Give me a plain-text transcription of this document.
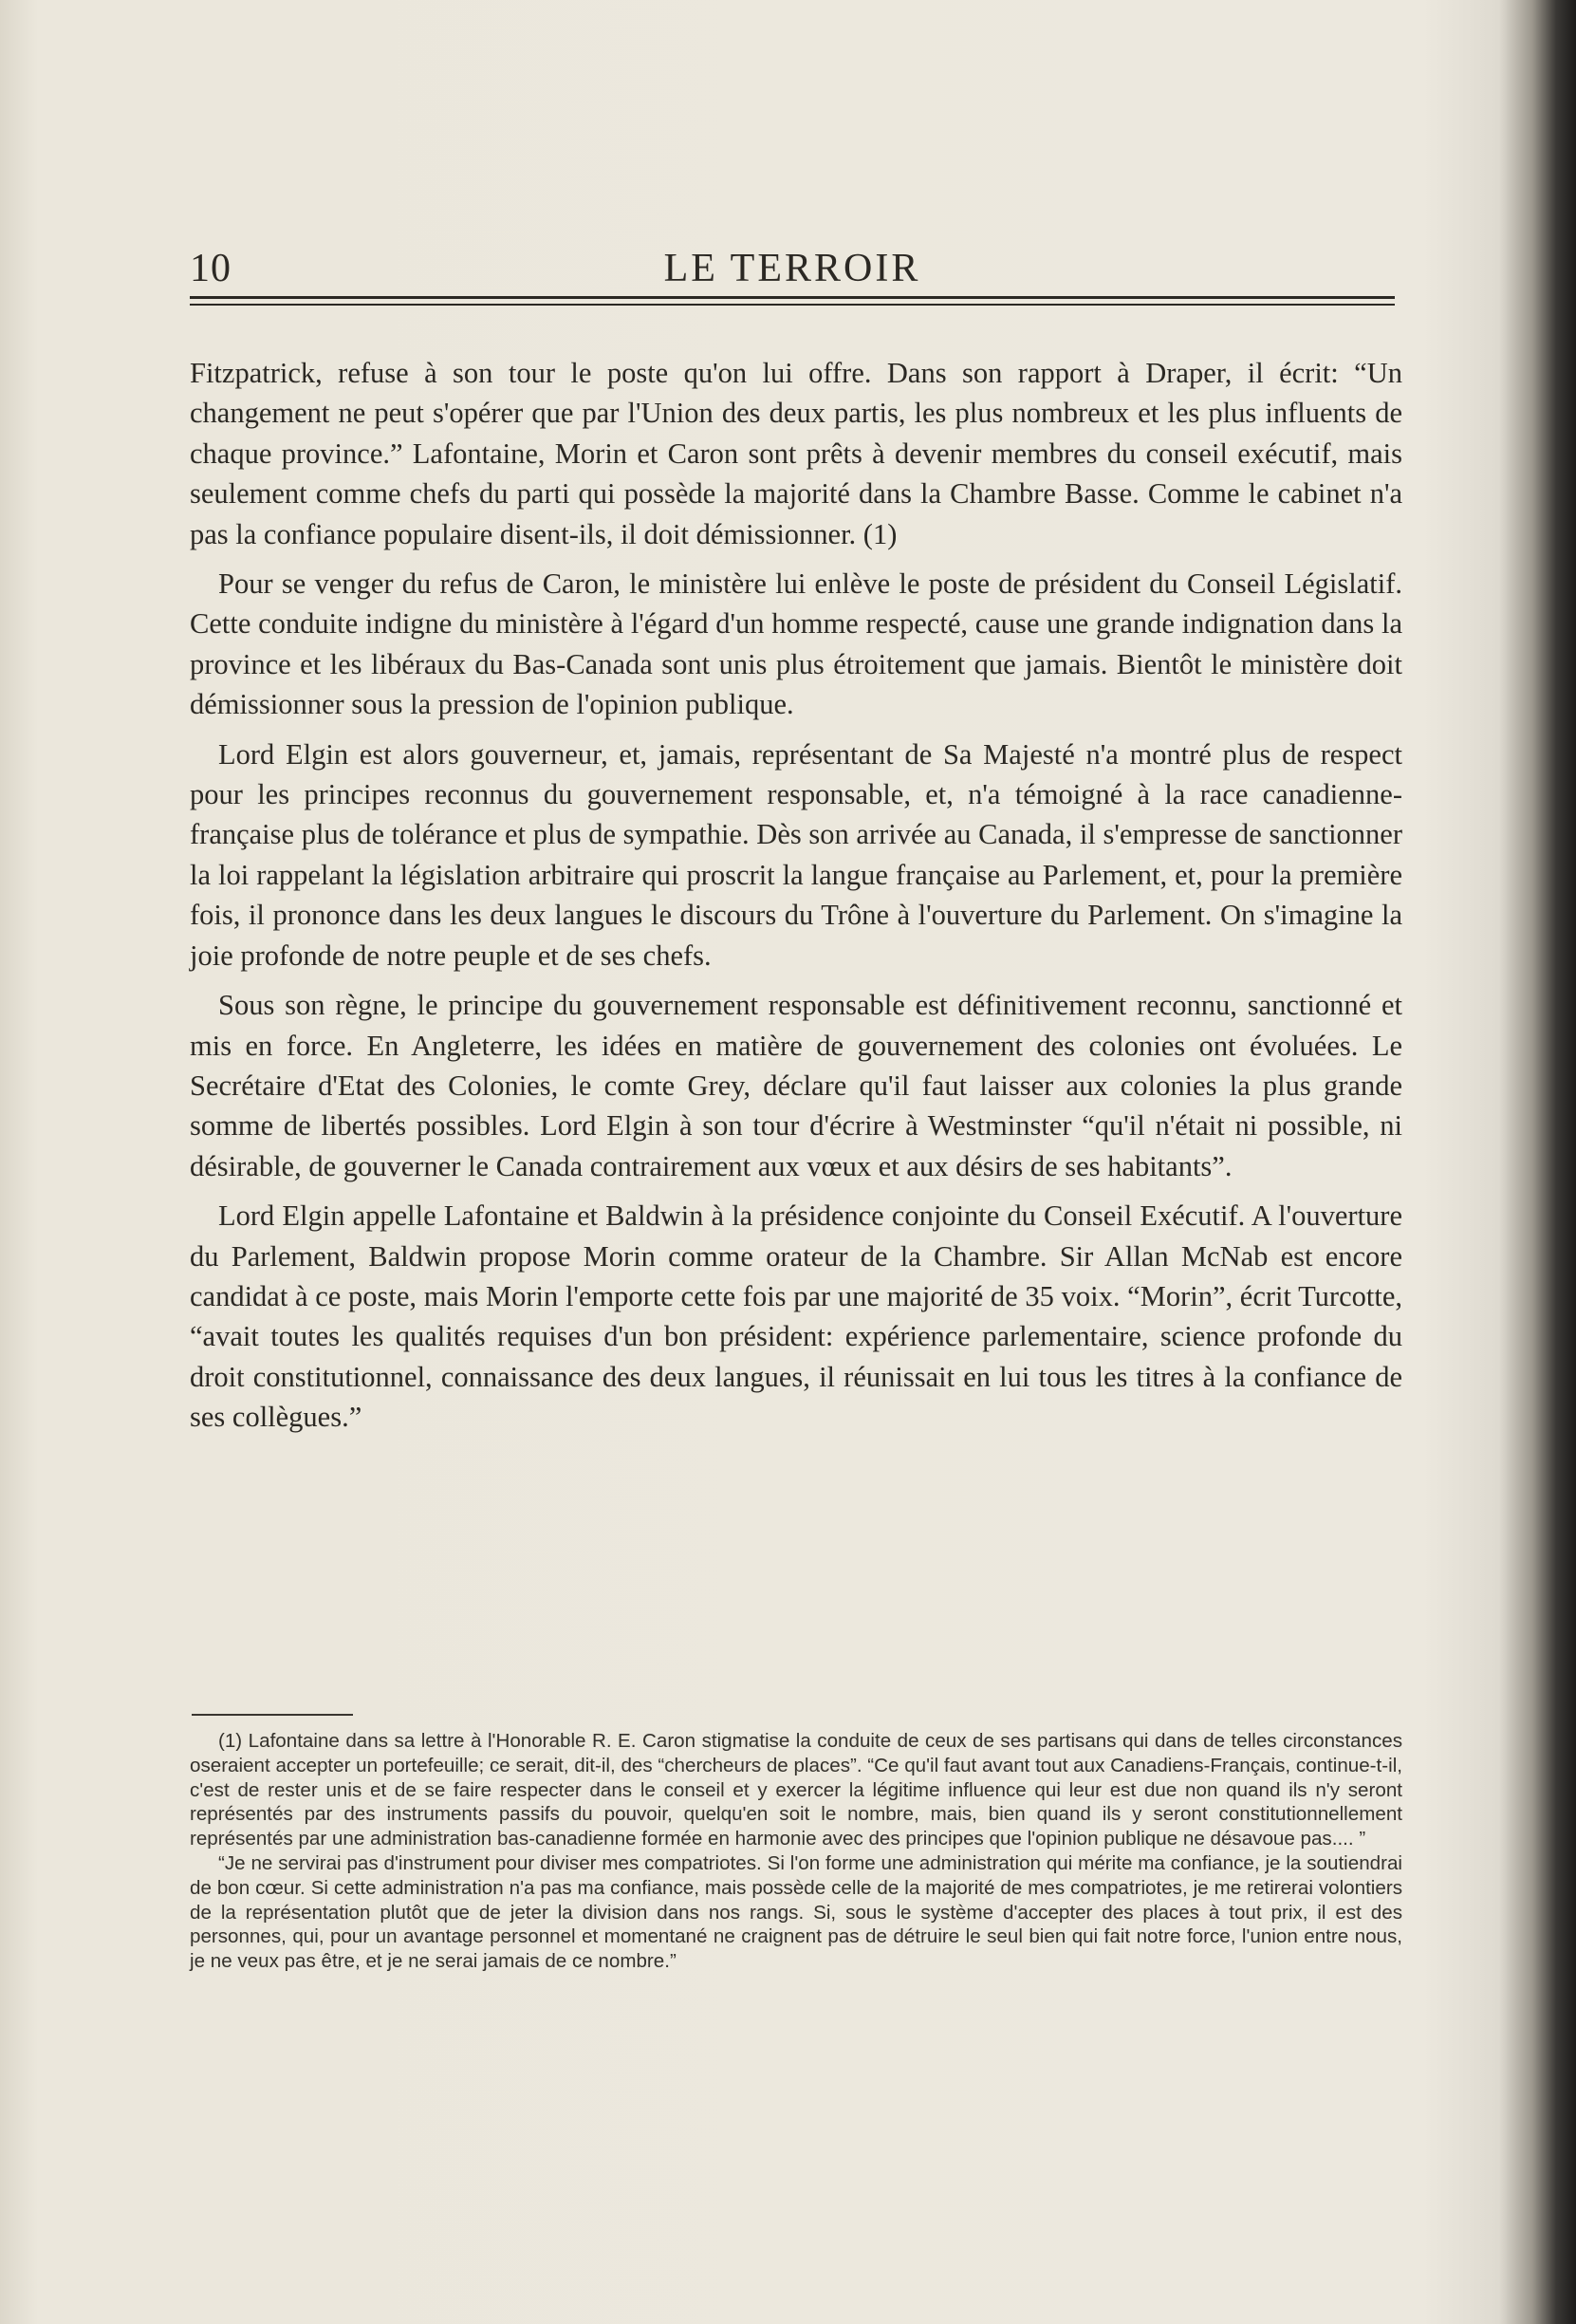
10	LE TERROIR

Fitzpatrick, refuse à son tour le poste qu'on lui offre. Dans son rapport à Draper, il écrit: “Un changement ne peut s'opérer que par l'Union des deux partis, les plus nombreux et les plus influents de chaque province.” Lafontaine, Morin et Caron sont prêts à devenir membres du conseil exécutif, mais seulement comme chefs du parti qui possède la majorité dans la Chambre Basse. Comme le cabinet n'a pas la confiance populaire disent-ils, il doit démissionner. (1)

Pour se venger du refus de Caron, le ministère lui enlève le poste de président du Conseil Législatif. Cette conduite indigne du ministère à l'égard d'un homme respecté, cause une grande indignation dans la province et les libéraux du Bas-Canada sont unis plus étroitement que jamais. Bientôt le ministère doit démissionner sous la pression de l'opinion publique.

Lord Elgin est alors gouverneur, et, jamais, représentant de Sa Majesté n'a montré plus de respect pour les principes reconnus du gouvernement responsable, et, n'a témoigné à la race canadienne-française plus de tolérance et plus de sympathie. Dès son arrivée au Canada, il s'empresse de sanctionner la loi rappelant la législation arbitraire qui proscrit la langue française au Parlement, et, pour la première fois, il prononce dans les deux langues le discours du Trône à l'ouverture du Parlement. On s'imagine la joie profonde de notre peuple et de ses chefs.

Sous son règne, le principe du gouvernement responsable est définitivement reconnu, sanctionné et mis en force. En Angleterre, les idées en matière de gouvernement des colonies ont évoluées. Le Secrétaire d'Etat des Colonies, le comte Grey, déclare qu'il faut laisser aux colonies la plus grande somme de libertés possibles. Lord Elgin à son tour d'écrire à Westminster “qu'il n'était ni possible, ni désirable, de gouverner le Canada contrairement aux vœux et aux désirs de ses habitants”.

Lord Elgin appelle Lafontaine et Baldwin à la présidence conjointe du Conseil Exécutif. A l'ouverture du Parlement, Baldwin propose Morin comme orateur de la Chambre. Sir Allan McNab est encore candidat à ce poste, mais Morin l'emporte cette fois par une majorité de 35 voix. “Morin”, écrit Turcotte, “avait toutes les qualités requises d'un bon président: expérience parlementaire, science profonde du droit constitutionnel, connaissance des deux langues, il réunissait en lui tous les titres à la confiance de ses collègues.”

(1) Lafontaine dans sa lettre à l'Honorable R. E. Caron stigmatise la conduite de ceux de ses partisans qui dans de telles circonstances oseraient accepter un portefeuille; ce serait, dit-il, des “chercheurs de places”. “Ce qu'il faut avant tout aux Canadiens-Français, continue-t-il, c'est de rester unis et de se faire respecter dans le conseil et y exercer la légitime influence qui leur est due non quand ils n'y seront représentés par des instruments passifs du pouvoir, quelqu'en soit le nombre, mais, bien quand ils y seront constitutionnellement représentés par une administration bas-canadienne formée en harmonie avec des principes que l'opinion publique ne désavoue pas.... ”

“Je ne servirai pas d'instrument pour diviser mes compatriotes. Si l'on forme une administration qui mérite ma confiance, je la soutiendrai de bon cœur. Si cette administration n'a pas ma confiance, mais possède celle de la majorité de mes compatriotes, je me retirerai volontiers de la représentation plutôt que de jeter la division dans nos rangs. Si, sous le système d'accepter des places à tout prix, il est des personnes, qui, pour un avantage personnel et momentané ne craignent pas de détruire le seul bien qui fait notre force, l'union entre nous, je ne veux pas être, et je ne serai jamais de ce nombre.”
